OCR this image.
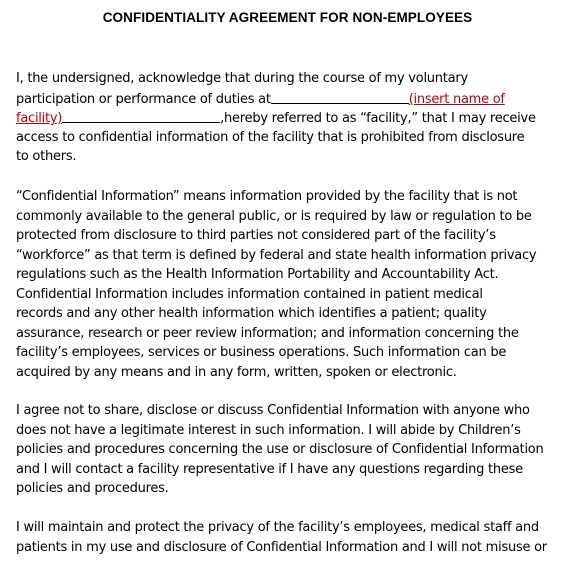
CONFIDENTIALITY AGREEMENT FOR NON-EMPLOYEES
I, the undersigned, acknowledge that during the course of my voluntary
participation or performance of duties at	(insert name of
facility)	,hereby referred to as “facility,” that I may receive
access to confidential information of the facility that is prohibited from disclosure
to others.
“Confidential Information” means information provided by the facility that is not
commonly available to the general public, or is required by law or regulation to be
protected from disclosure to third parties not considered part of the facility’s
“workforce” as that term is defined by federal and state health information privacy
regulations such as the Health Information Portability and Accountability Act.
Confidential Information includes information contained in patient medical
records and any other health information which identifies a patient; quality
assurance, research or peer review information; and information concerning the
facility’s employees, services or business operations. Such information can be
acquired by any means and in any form, written, spoken or electronic.
I agree not to share, disclose or discuss Confidential Information with anyone who
does not have a legitimate interest in such information. I will abide by Children’s
policies and procedures concerning the use or disclosure of Confidential Information
and I will contact a facility representative if I have any questions regarding these
policies and procedures.
I will maintain and protect the privacy of the facility’s employees, medical staff and
patients in my use and disclosure of Confidential Information and I will not misuse or
